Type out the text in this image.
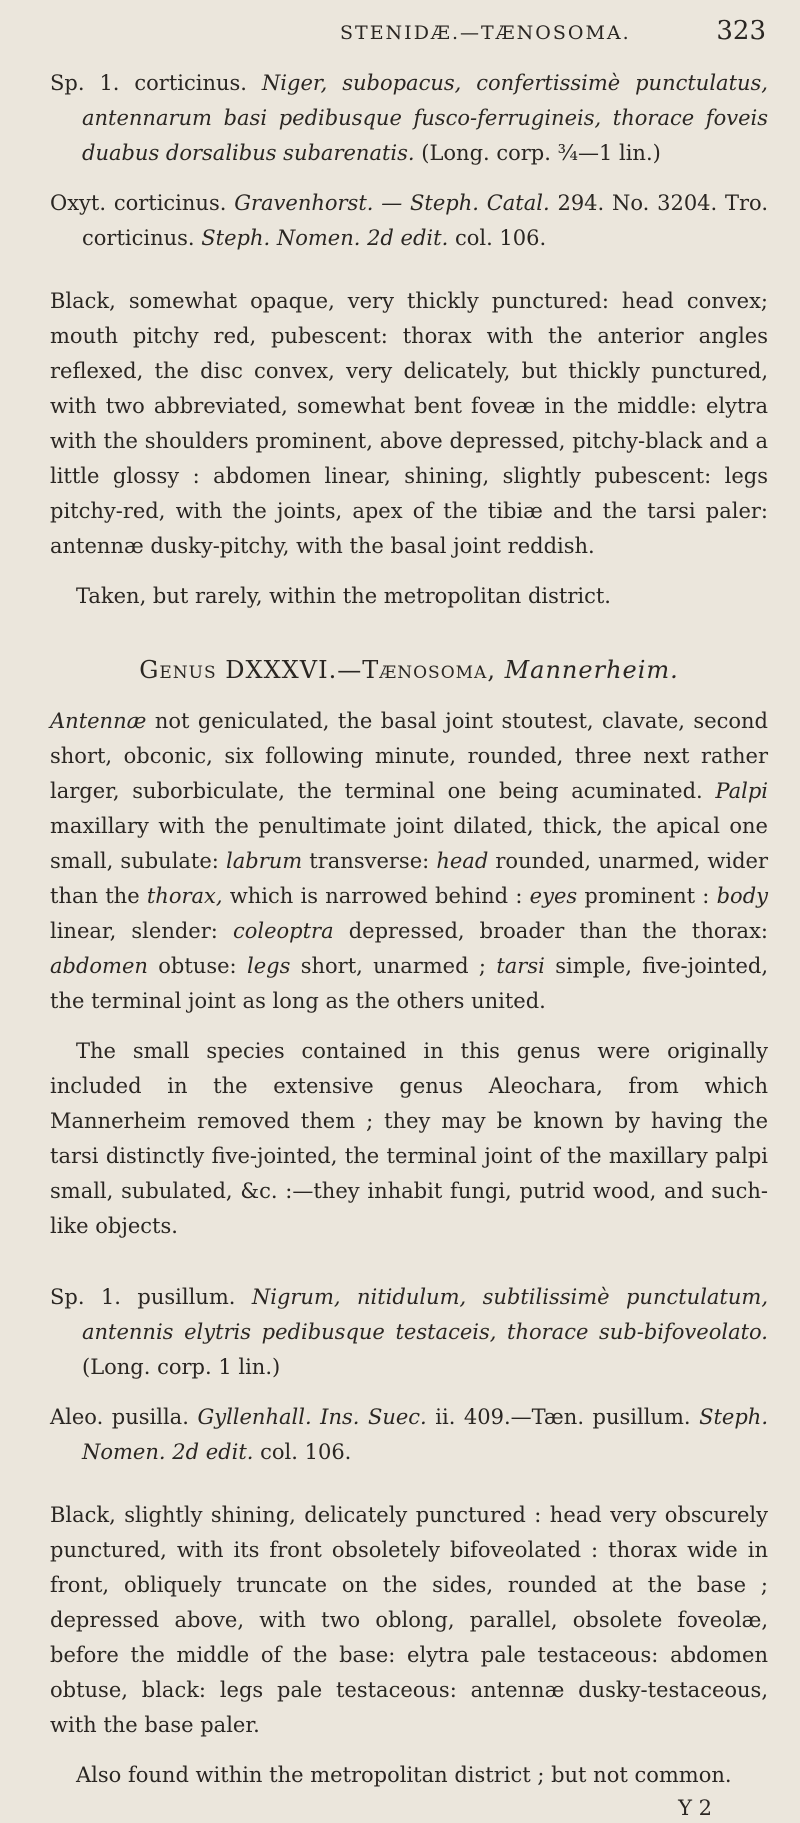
STENIDÆ.—TÆNOSOMA.	323

Sp. 1. corticinus. Niger, subopacus, confertissimè punctulatus, antennarum basi pedibusque fusco-ferrugineis, thorace foveis duabus dorsalibus subarenatis. (Long. corp. ¾—1 lin.)

Oxyt. corticinus. Gravenhorst. — Steph. Catal. 294. No. 3204. Tro. corticinus. Steph. Nomen. 2d edit. col. 106.

Black, somewhat opaque, very thickly punctured: head convex; mouth pitchy red, pubescent: thorax with the anterior angles reflexed, the disc convex, very delicately, but thickly punctured, with two abbreviated, somewhat bent foveæ in the middle: elytra with the shoulders prominent, above depressed, pitchy-black and a little glossy : abdomen linear, shining, slightly pubescent: legs pitchy-red, with the joints, apex of the tibiæ and the tarsi paler: antennæ dusky-pitchy, with the basal joint reddish.

Taken, but rarely, within the metropolitan district.

Genus DXXXVI.—Tænosoma, Mannerheim.

Antennæ not geniculated, the basal joint stoutest, clavate, second short, obconic, six following minute, rounded, three next rather larger, suborbiculate, the terminal one being acuminated. Palpi maxillary with the penultimate joint dilated, thick, the apical one small, subulate: labrum transverse: head rounded, unarmed, wider than the thorax, which is narrowed behind : eyes prominent : body linear, slender: coleoptra depressed, broader than the thorax: abdomen obtuse: legs short, unarmed ; tarsi simple, five-jointed, the terminal joint as long as the others united.

The small species contained in this genus were originally included in the extensive genus Aleochara, from which Mannerheim removed them ; they may be known by having the tarsi distinctly five-jointed, the terminal joint of the maxillary palpi small, subulated, &c. :—they inhabit fungi, putrid wood, and such-like objects.

Sp. 1. pusillum. Nigrum, nitidulum, subtilissimè punctulatum, antennis elytris pedibusque testaceis, thorace sub-bifoveolato. (Long. corp. 1 lin.)

Aleo. pusilla. Gyllenhall. Ins. Suec. ii. 409.—Tæn. pusillum. Steph. Nomen. 2d edit. col. 106.

Black, slightly shining, delicately punctured : head very obscurely punctured, with its front obsoletely bifoveolated : thorax wide in front, obliquely truncate on the sides, rounded at the base ; depressed above, with two oblong, parallel, obsolete foveolæ, before the middle of the base: elytra pale testaceous: abdomen obtuse, black: legs pale testaceous: antennæ dusky-testaceous, with the base paler.

Also found within the metropolitan district ; but not common.

Y 2
